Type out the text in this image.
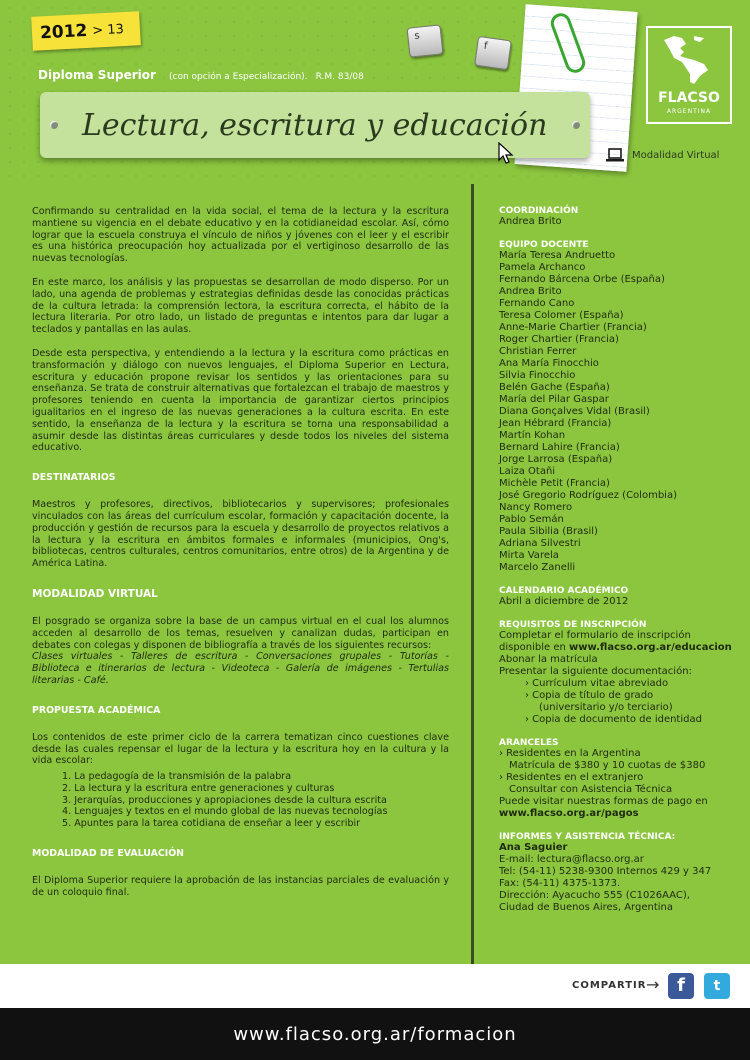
2012 > 13
Diploma Superior (con opción a Especialización). R.M. 83/08
s
f
Lectura, escritura y educación
FLACSO
ARGENTINA
Modalidad Virtual

Confirmando su centralidad en la vida social, el tema de la lectura y la escritura mantiene su vigencia en el debate educativo y en la cotidianeidad escolar. Así, cómo lograr que la escuela construya el vínculo de niños y jóvenes con el leer y el escribir es una histórica preocupación hoy actualizada por el vertiginoso desarrollo de las nuevas tecnologías.

En este marco, los análisis y las propuestas se desarrollan de modo disperso. Por un lado, una agenda de problemas y estrategias definidas desde las conocidas prácticas de la cultura letrada: la comprensión lectora, la escritura correcta, el hábito de la lectura literaria. Por otro lado, un listado de preguntas e intentos para dar lugar a teclados y pantallas en las aulas.

Desde esta perspectiva, y entendiendo a la lectura y la escritura como prácticas en transformación y diálogo con nuevos lenguajes, el Diploma Superior en Lectura, escritura y educación propone revisar los sentidos y las orientaciones para su enseñanza. Se trata de construir alternativas que fortalezcan el trabajo de maestros y profesores teniendo en cuenta la importancia de garantizar ciertos principios igualitarios en el ingreso de las nuevas generaciones a la cultura escrita. En este sentido, la enseñanza de la lectura y la escritura se torna una responsabilidad a asumir desde las distintas áreas curriculares y desde todos los niveles del sistema educativo.

DESTINATARIOS

Maestros y profesores, directivos, bibliotecarios y supervisores; profesionales vinculados con las áreas del currículum escolar, formación y capacitación docente, la producción y gestión de recursos para la escuela y desarrollo de proyectos relativos a la lectura y la escritura en ámbitos formales e informales (municipios, Ong's, bibliotecas, centros culturales, centros comunitarios, entre otros) de la Argentina y de América Latina.

MODALIDAD VIRTUAL

El posgrado se organiza sobre la base de un campus virtual en el cual los alumnos acceden al desarrollo de los temas, resuelven y canalizan dudas, participan en debates con colegas y disponen de bibliografía a través de los siguientes recursos:

Clases virtuales - Talleres de escritura - Conversaciones grupales - Tutorías - Biblioteca e itinerarios de lectura - Videoteca - Galería de imágenes - Tertulias literarias - Café.

PROPUESTA ACADÉMICA

Los contenidos de este primer ciclo de la carrera tematizan cinco cuestiones clave desde las cuales repensar el lugar de la lectura y la escritura hoy en la cultura y la vida escolar:

1. La pedagogía de la transmisión de la palabra
2. La lectura y la escritura entre generaciones y culturas
3. Jerarquías, producciones y apropiaciones desde la cultura escrita
4. Lenguajes y textos en el mundo global de las nuevas tecnologías
5. Apuntes para la tarea cotidiana de enseñar a leer y escribir
MODALIDAD DE EVALUACIÓN

El Diploma Superior requiere la aprobación de las instancias parciales de evaluación y de un coloquio final.

COORDINACIÓN
Andrea Brito
EQUIPO DOCENTE
María Teresa Andruetto
Pamela Archanco
Fernando Bárcena Orbe (España)
Andrea Brito
Fernando Cano
Teresa Colomer (España)
Anne-Marie Chartier (Francia)
Roger Chartier (Francia)
Christian Ferrer
Ana María Finocchio
Silvia Finocchio
Belén Gache (España)
María del Pilar Gaspar
Diana Gonçalves Vidal (Brasil)
Jean Hébrard (Francia)
Martín Kohan
Bernard Lahire (Francia)
Jorge Larrosa (España)
Laiza Otañi
Michèle Petit (Francia)
José Gregorio Rodríguez (Colombia)
Nancy Romero
Pablo Semán
Paula Sibilia (Brasil)
Adriana Silvestri
Mirta Varela
Marcelo Zanelli
CALENDARIO ACADÉMICO
Abril a diciembre de 2012
REQUISITOS DE INSCRIPCIÓN
Completar el formulario de inscripción
disponible en www.flacso.org.ar/educacion
Abonar la matrícula
Presentar la siguiente documentación:
› Currículum vitae abreviado
› Copia de título de grado
(universitario y/o terciario)
› Copia de documento de identidad
ARANCELES
› Residentes en la Argentina
Matrícula de $380 y 10 cuotas de $380
› Residentes en el extranjero
Consultar con Asistencia Técnica
Puede visitar nuestras formas de pago en
www.flacso.org.ar/pagos
INFORMES Y ASISTENCIA TÉCNICA:
Ana Saguier
E-mail: lectura@flacso.org.ar
Tel: (54-11) 5238-9300 Internos 429 y 347
Fax: (54-11) 4375-1373.
Dirección: Ayacucho 555 (C1026AAC),
Ciudad de Buenos Aires, Argentina
COMPARTIR → f	t
www.flacso.org.ar/formacion
